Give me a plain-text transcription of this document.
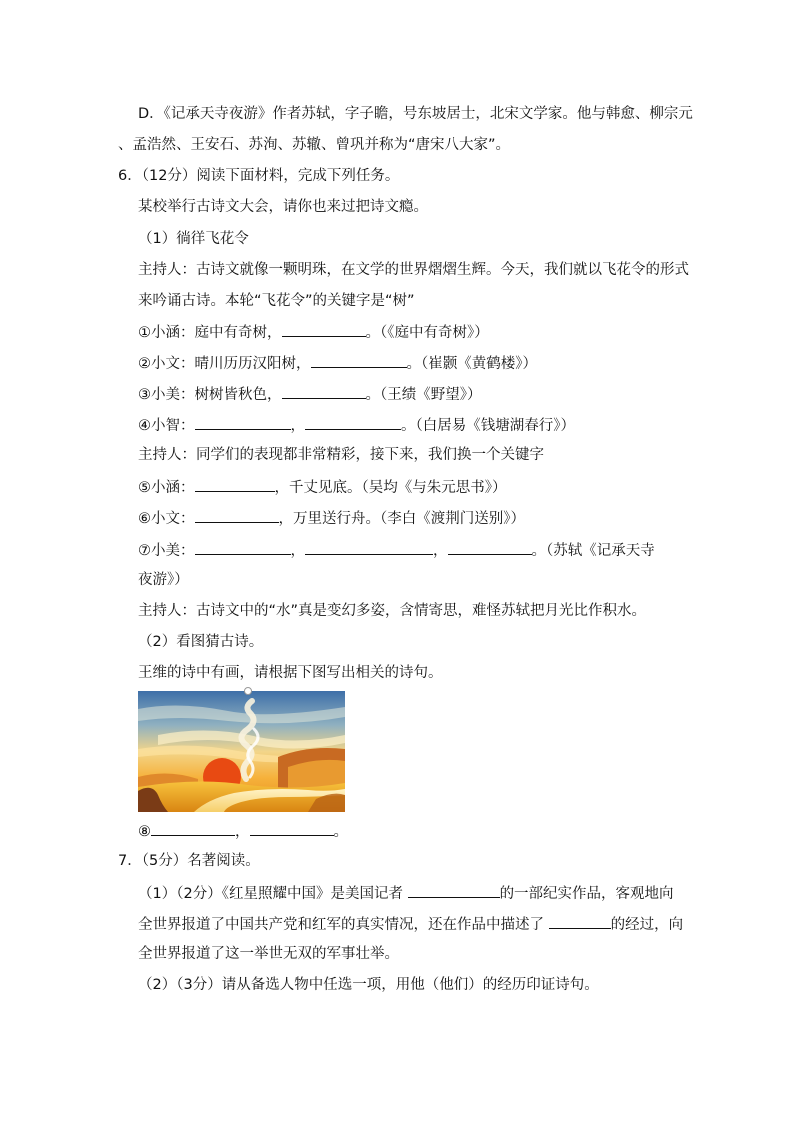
D．《记承天寺夜游》作者苏轼，字子瞻，号东坡居士，北宋文学家。他与韩愈、柳宗元
、孟浩然、王安石、苏洵、苏辙、曾巩并称为“唐宋八大家”。
6．（12分）阅读下面材料，完成下列任务。
某校举行古诗文大会，请你也来过把诗文瘾。
（1）徜徉飞花令
主持人：古诗文就像一颗明珠，在文学的世界熠熠生辉。今天，我们就以飞花令的形式
来吟诵古诗。本轮“飞花令”的关键字是“树”
①小涵：庭中有奇树，	。（《庭中有奇树》）
②小文：晴川历历汉阳树，	。（崔颢《黄鹤楼》）
③小美：树树皆秋色，	。（王绩《野望》）
④小智：	，	。（白居易《钱塘湖春行》）
主持人：同学们的表现都非常精彩，接下来，我们换一个关键字
⑤小涵：	，千丈见底。（吴均《与朱元思书》）
⑥小文：	，万里送行舟。（李白《渡荆门送别》）
⑦小美：	，	，	。（苏轼《记承天寺
夜游》）
主持人：古诗文中的“水”真是变幻多姿，含情寄思，难怪苏轼把月光比作积水。
（2）看图猜古诗。
王维的诗中有画，请根据下图写出相关的诗句。
⑧	，	。
7．（5分）名著阅读。
（1）（2分）《红星照耀中国》是美国记者	的一部纪实作品，客观地向
全世界报道了中国共产党和红军的真实情况，还在作品中描述了	的经过，向
全世界报道了这一举世无双的军事壮举。
（2）（3分）请从备选人物中任选一项，用他（他们）的经历印证诗句。
